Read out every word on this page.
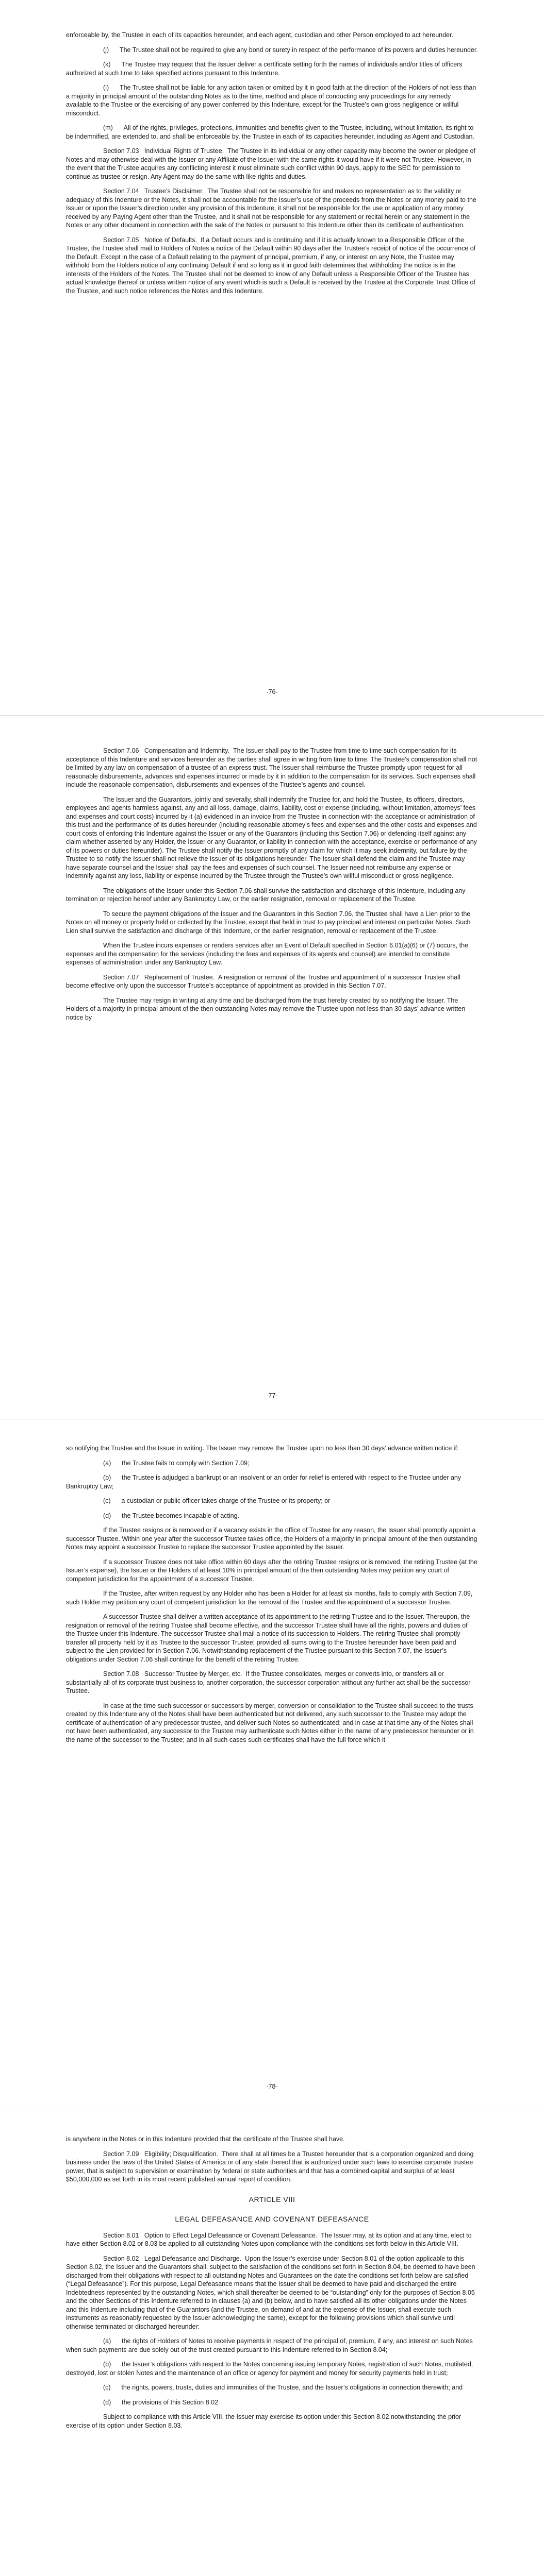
enforceable by, the Trustee in each of its capacities hereunder, and each agent, custodian and other Person employed to act hereunder.

(j)      The Trustee shall not be required to give any bond or surety in respect of the performance of its powers and duties hereunder.

(k)      The Trustee may request that the Issuer deliver a certificate setting forth the names of individuals and/or titles of officers authorized at such time to take specified actions pursuant to this Indenture.

(l)      The Trustee shall not be liable for any action taken or omitted by it in good faith at the direction of the Holders of not less than a majority in principal amount of the outstanding Notes as to the time, method and place of conducting any proceedings for any remedy available to the Trustee or the exercising of any power conferred by this Indenture, except for the Trustee’s own gross negligence or willful misconduct.

(m)      All of the rights, privileges, protections, immunities and benefits given to the Trustee, including, without limitation, its right to be indemnified, are extended to, and shall be enforceable by, the Trustee in each of its capacities hereunder, including as Agent and Custodian.

Section 7.03   Individual Rights of Trustee.  The Trustee in its individual or any other capacity may become the owner or pledgee of Notes and may otherwise deal with the Issuer or any Affiliate of the Issuer with the same rights it would have if it were not Trustee. However, in the event that the Trustee acquires any conflicting interest it must eliminate such conflict within 90 days, apply to the SEC for permission to continue as trustee or resign. Any Agent may do the same with like rights and duties.

Section 7.04   Trustee’s Disclaimer.  The Trustee shall not be responsible for and makes no representation as to the validity or adequacy of this Indenture or the Notes, it shall not be accountable for the Issuer’s use of the proceeds from the Notes or any money paid to the Issuer or upon the Issuer’s direction under any provision of this Indenture, it shall not be responsible for the use or application of any money received by any Paying Agent other than the Trustee, and it shall not be responsible for any statement or recital herein or any statement in the Notes or any other document in connection with the sale of the Notes or pursuant to this Indenture other than its certificate of authentication.

Section 7.05   Notice of Defaults.  If a Default occurs and is continuing and if it is actually known to a Responsible Officer of the Trustee, the Trustee shall mail to Holders of Notes a notice of the Default within 90 days after the Trustee’s receipt of notice of the occurrence of the Default. Except in the case of a Default relating to the payment of principal, premium, if any, or interest on any Note, the Trustee may withhold from the Holders notice of any continuing Default if and so long as it in good faith determines that withholding the notice is in the interests of the Holders of the Notes. The Trustee shall not be deemed to know of any Default unless a Responsible Officer of the Trustee has actual knowledge thereof or unless written notice of any event which is such a Default is received by the Trustee at the Corporate Trust Office of the Trustee, and such notice references the Notes and this Indenture.

-76-

Section 7.06   Compensation and Indemnity.  The Issuer shall pay to the Trustee from time to time such compensation for its acceptance of this Indenture and services hereunder as the parties shall agree in writing from time to time. The Trustee’s compensation shall not be limited by any law on compensation of a trustee of an express trust. The Issuer shall reimburse the Trustee promptly upon request for all reasonable disbursements, advances and expenses incurred or made by it in addition to the compensation for its services. Such expenses shall include the reasonable compensation, disbursements and expenses of the Trustee’s agents and counsel.

The Issuer and the Guarantors, jointly and severally, shall indemnify the Trustee for, and hold the Trustee, its officers, directors, employees and agents harmless against, any and all loss, damage, claims, liability, cost or expense (including, without limitation, attorneys’ fees and expenses and court costs) incurred by it (a) evidenced in an invoice from the Trustee in connection with the acceptance or administration of this trust and the performance of its duties hereunder (including reasonable attorney’s fees and expenses and the other costs and expenses and court costs of enforcing this Indenture against the Issuer or any of the Guarantors (including this Section 7.06) or defending itself against any claim whether asserted by any Holder, the Issuer or any Guarantor, or liability in connection with the acceptance, exercise or performance of any of its powers or duties hereunder). The Trustee shall notify the Issuer promptly of any claim for which it may seek indemnity, but failure by the Trustee to so notify the Issuer shall not relieve the Issuer of its obligations hereunder. The Issuer shall defend the claim and the Trustee may have separate counsel and the Issuer shall pay the fees and expenses of such counsel. The Issuer need not reimburse any expense or indemnify against any loss, liability or expense incurred by the Trustee through the Trustee’s own willful misconduct or gross negligence.

The obligations of the Issuer under this Section 7.06 shall survive the satisfaction and discharge of this Indenture, including any termination or rejection hereof under any Bankruptcy Law, or the earlier resignation, removal or replacement of the Trustee.

To secure the payment obligations of the Issuer and the Guarantors in this Section 7.06, the Trustee shall have a Lien prior to the Notes on all money or property held or collected by the Trustee, except that held in trust to pay principal and interest on particular Notes. Such Lien shall survive the satisfaction and discharge of this Indenture, or the earlier resignation, removal or replacement of the Trustee.

When the Trustee incurs expenses or renders services after an Event of Default specified in Section 6.01(a)(6) or (7) occurs, the expenses and the compensation for the services (including the fees and expenses of its agents and counsel) are intended to constitute expenses of administration under any Bankruptcy Law.

Section 7.07   Replacement of Trustee.  A resignation or removal of the Trustee and appointment of a successor Trustee shall become effective only upon the successor Trustee’s acceptance of appointment as provided in this Section 7.07.

The Trustee may resign in writing at any time and be discharged from the trust hereby created by so notifying the Issuer. The Holders of a majority in principal amount of the then outstanding Notes may remove the Trustee upon not less than 30 days’ advance written notice by

-77-

so notifying the Trustee and the Issuer in writing. The Issuer may remove the Trustee upon no less than 30 days’ advance written notice if:

(a)      the Trustee fails to comply with Section 7.09;

(b)      the Trustee is adjudged a bankrupt or an insolvent or an order for relief is entered with respect to the Trustee under any Bankruptcy Law;

(c)      a custodian or public officer takes charge of the Trustee or its property; or

(d)      the Trustee becomes incapable of acting.

If the Trustee resigns or is removed or if a vacancy exists in the office of Trustee for any reason, the Issuer shall promptly appoint a successor Trustee. Within one year after the successor Trustee takes office, the Holders of a majority in principal amount of the then outstanding Notes may appoint a successor Trustee to replace the successor Trustee appointed by the Issuer.

If a successor Trustee does not take office within 60 days after the retiring Trustee resigns or is removed, the retiring Trustee (at the Issuer’s expense), the Issuer or the Holders of at least 10% in principal amount of the then outstanding Notes may petition any court of competent jurisdiction for the appointment of a successor Trustee.

If the Trustee, after written request by any Holder who has been a Holder for at least six months, fails to comply with Section 7.09, such Holder may petition any court of competent jurisdiction for the removal of the Trustee and the appointment of a successor Trustee.

A successor Trustee shall deliver a written acceptance of its appointment to the retiring Trustee and to the Issuer. Thereupon, the resignation or removal of the retiring Trustee shall become effective, and the successor Trustee shall have all the rights, powers and duties of the Trustee under this Indenture. The successor Trustee shall mail a notice of its succession to Holders. The retiring Trustee shall promptly transfer all property held by it as Trustee to the successor Trustee; provided all sums owing to the Trustee hereunder have been paid and subject to the Lien provided for in Section 7.06. Notwithstanding replacement of the Trustee pursuant to this Section 7.07, the Issuer’s obligations under Section 7.06 shall continue for the benefit of the retiring Trustee.

Section 7.08   Successor Trustee by Merger, etc.  If the Trustee consolidates, merges or converts into, or transfers all or substantially all of its corporate trust business to, another corporation, the successor corporation without any further act shall be the successor Trustee.

In case at the time such successor or successors by merger, conversion or consolidation to the Trustee shall succeed to the trusts created by this Indenture any of the Notes shall have been authenticated but not delivered, any such successor to the Trustee may adopt the certificate of authentication of any predecessor trustee, and deliver such Notes so authenticated; and in case at that time any of the Notes shall not have been authenticated, any successor to the Trustee may authenticate such Notes either in the name of any predecessor hereunder or in the name of the successor to the Trustee; and in all such cases such certificates shall have the full force which it

-78-

is anywhere in the Notes or in this Indenture provided that the certificate of the Trustee shall have.

Section 7.09   Eligibility; Disqualification.  There shall at all times be a Trustee hereunder that is a corporation organized and doing business under the laws of the United States of America or of any state thereof that is authorized under such laws to exercise corporate trustee power, that is subject to supervision or examination by federal or state authorities and that has a combined capital and surplus of at least $50,000,000 as set forth in its most recent published annual report of condition.

ARTICLE VIII
LEGAL DEFEASANCE AND COVENANT DEFEASANCE

Section 8.01   Option to Effect Legal Defeasance or Covenant Defeasance.  The Issuer may, at its option and at any time, elect to have either Section 8.02 or 8.03 be applied to all outstanding Notes upon compliance with the conditions set forth below in this Article VIII.

Section 8.02   Legal Defeasance and Discharge.  Upon the Issuer’s exercise under Section 8.01 of the option applicable to this Section 8.02, the Issuer and the Guarantors shall, subject to the satisfaction of the conditions set forth in Section 8.04, be deemed to have been discharged from their obligations with respect to all outstanding Notes and Guarantees on the date the conditions set forth below are satisfied (“Legal Defeasance”). For this purpose, Legal Defeasance means that the Issuer shall be deemed to have paid and discharged the entire Indebtedness represented by the outstanding Notes, which shall thereafter be deemed to be “outstanding” only for the purposes of Section 8.05 and the other Sections of this Indenture referred to in clauses (a) and (b) below, and to have satisfied all its other obligations under the Notes and this Indenture including that of the Guarantors (and the Trustee, on demand of and at the expense of the Issuer, shall execute such instruments as reasonably requested by the Issuer acknowledging the same), except for the following provisions which shall survive until otherwise terminated or discharged hereunder:

(a)      the rights of Holders of Notes to receive payments in respect of the principal of, premium, if any, and interest on such Notes when such payments are due solely out of the trust created pursuant to this Indenture referred to in Section 8.04;

(b)      the Issuer’s obligations with respect to the Notes concerning issuing temporary Notes, registration of such Notes, mutilated, destroyed, lost or stolen Notes and the maintenance of an office or agency for payment and money for security payments held in trust;

(c)      the rights, powers, trusts, duties and immunities of the Trustee, and the Issuer’s obligations in connection therewith; and

(d)      the provisions of this Section 8.02.

Subject to compliance with this Article VIII, the Issuer may exercise its option under this Section 8.02 notwithstanding the prior exercise of its option under Section 8.03.
